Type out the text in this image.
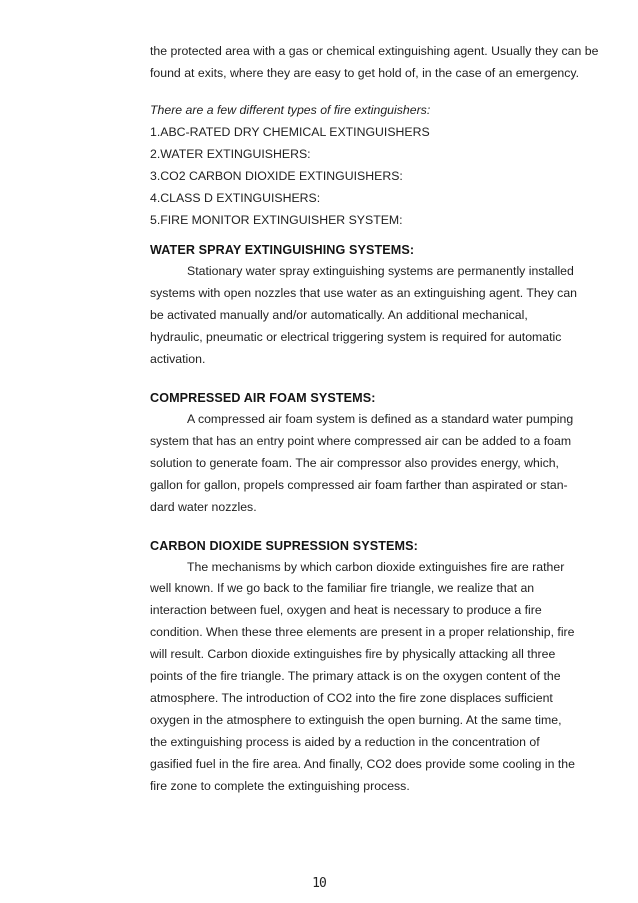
the protected area with a gas or chemical extinguishing agent. Usually they can be

found at exits, where they are easy to get hold of, in the case of an emergency.

There are a few different types of fire extinguishers:

1.ABC-RATED DRY CHEMICAL EXTINGUISHERS

2.WATER EXTINGUISHERS:

3.CO2 CARBON DIOXIDE EXTINGUISHERS:

4.CLASS D EXTINGUISHERS:

5.FIRE MONITOR EXTINGUISHER SYSTEM:

WATER SPRAY EXTINGUISHING SYSTEMS:

Stationary water spray extinguishing systems are permanently installed

systems with open nozzles that use water as an extinguishing agent. They can

be activated manually and/or automatically. An additional mechanical,

hydraulic, pneumatic or electrical triggering system is required for automatic

activation.

COMPRESSED AIR FOAM SYSTEMS:

A compressed air foam system is defined as a standard water pumping

system that has an entry point where compressed air can be added to a foam

solution to generate foam. The air compressor also provides energy, which,

gallon for gallon, propels compressed air foam farther than aspirated or stan-

dard water nozzles.

CARBON DIOXIDE SUPRESSION SYSTEMS:

The mechanisms by which carbon dioxide extinguishes fire are rather

well known. If we go back to the familiar fire triangle, we realize that an

interaction between fuel, oxygen and heat is necessary to produce a fire

condition. When these three elements are present in a proper relationship, fire

will result. Carbon dioxide extinguishes fire by physically attacking all three

points of the fire triangle. The primary attack is on the oxygen content of the

atmosphere. The introduction of CO2 into the fire zone displaces sufficient

oxygen in the atmosphere to extinguish the open burning. At the same time,

the extinguishing process is aided by a reduction in the concentration of

gasified fuel in the fire area. And finally, CO2 does provide some cooling in the

fire zone to complete the extinguishing process.

10
